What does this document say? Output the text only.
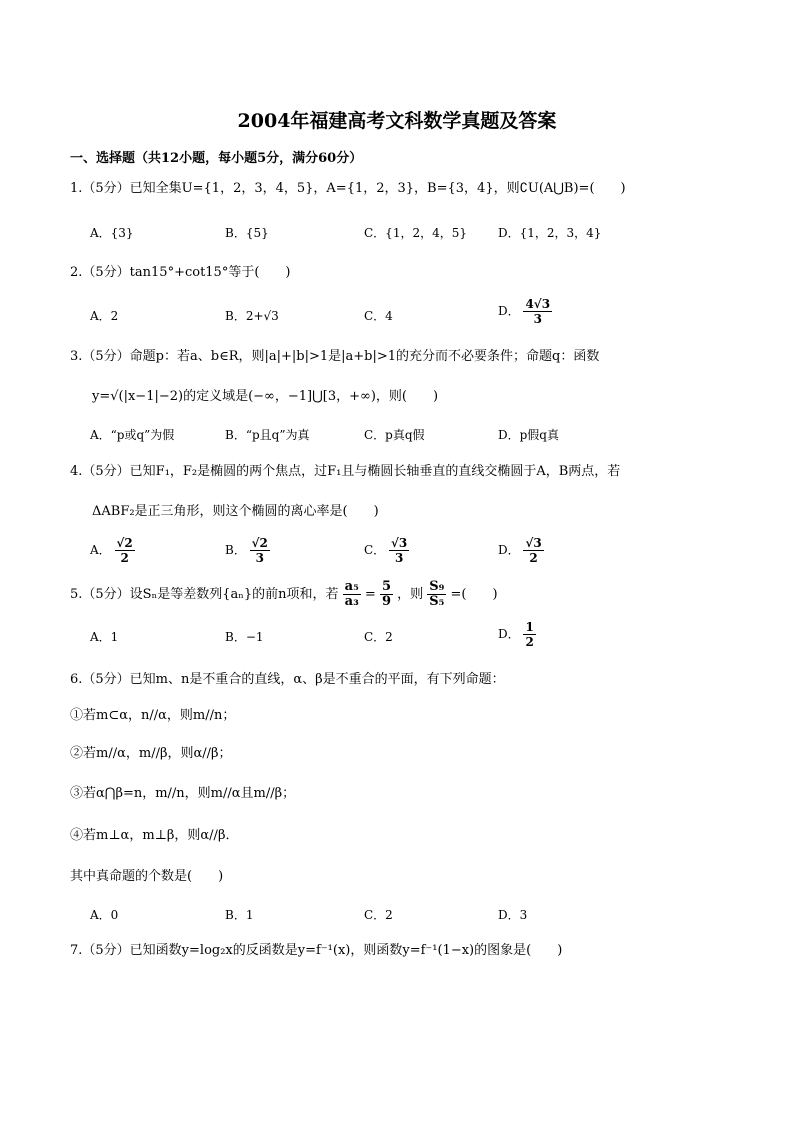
2004年福建高考文科数学真题及答案
一、选择题（共12小题，每小题5分，满分60分）
1.（5分）已知全集U={1，2，3，4，5}，A={1，2，3}，B={3，4}，则∁U(A⋃B)=(　　)
A．{3}	B．{5}	C．{1，2，4，5}	D．{1，2，3，4}
2.（5分）tan15°+cot15°等于(　　)
A．2	B．2+√3	C．4	D． $\frac{4√3}{3}$
3.（5分）命题p：若a、b∈R，则|a|+|b|>1是|a+b|>1的充分而不必要条件；命题q：函数
y=√(|x−1|−2)的定义域是(−∞，−1]⋃[3，+∞)，则(　　)
A．“p或q”为假	B．“p且q”为真	C．p真q假	D．p假q真
4.（5分）已知F₁，F₂是椭圆的两个焦点，过F₁且与椭圆长轴垂直的直线交椭圆于A，B两点，若
ΔABF₂是正三角形，则这个椭圆的离心率是(　　)
A． $\frac{√2}{2}$	B． $\frac{√2}{3}$	C． $\frac{√3}{3}$	D． $\frac{√3}{2}$
5.（5分）设Sₙ是等差数列{aₙ}的前n项和，若 $\frac{\text{a₅}}{\text{a₃}} = \frac{5}{9}$ ，则 $\frac{\text{S₉}}{\text{S₅}}$ =(　　)
A．1	B．−1	C．2	D． $\frac{1}{2}$
6.（5分）已知m、n是不重合的直线，α、β是不重合的平面，有下列命题：
①若m⊂α，n//α，则m//n；
②若m//α，m//β，则α//β；
③若α⋂β=n，m//n，则m//α且m//β；
④若m⊥α，m⊥β，则α//β．
其中真命题的个数是(　　)
A．0	B．1	C．2	D．3
7.（5分）已知函数y=log₂x的反函数是y=f⁻¹(x)，则函数y=f⁻¹(1−x)的图象是(　　)
